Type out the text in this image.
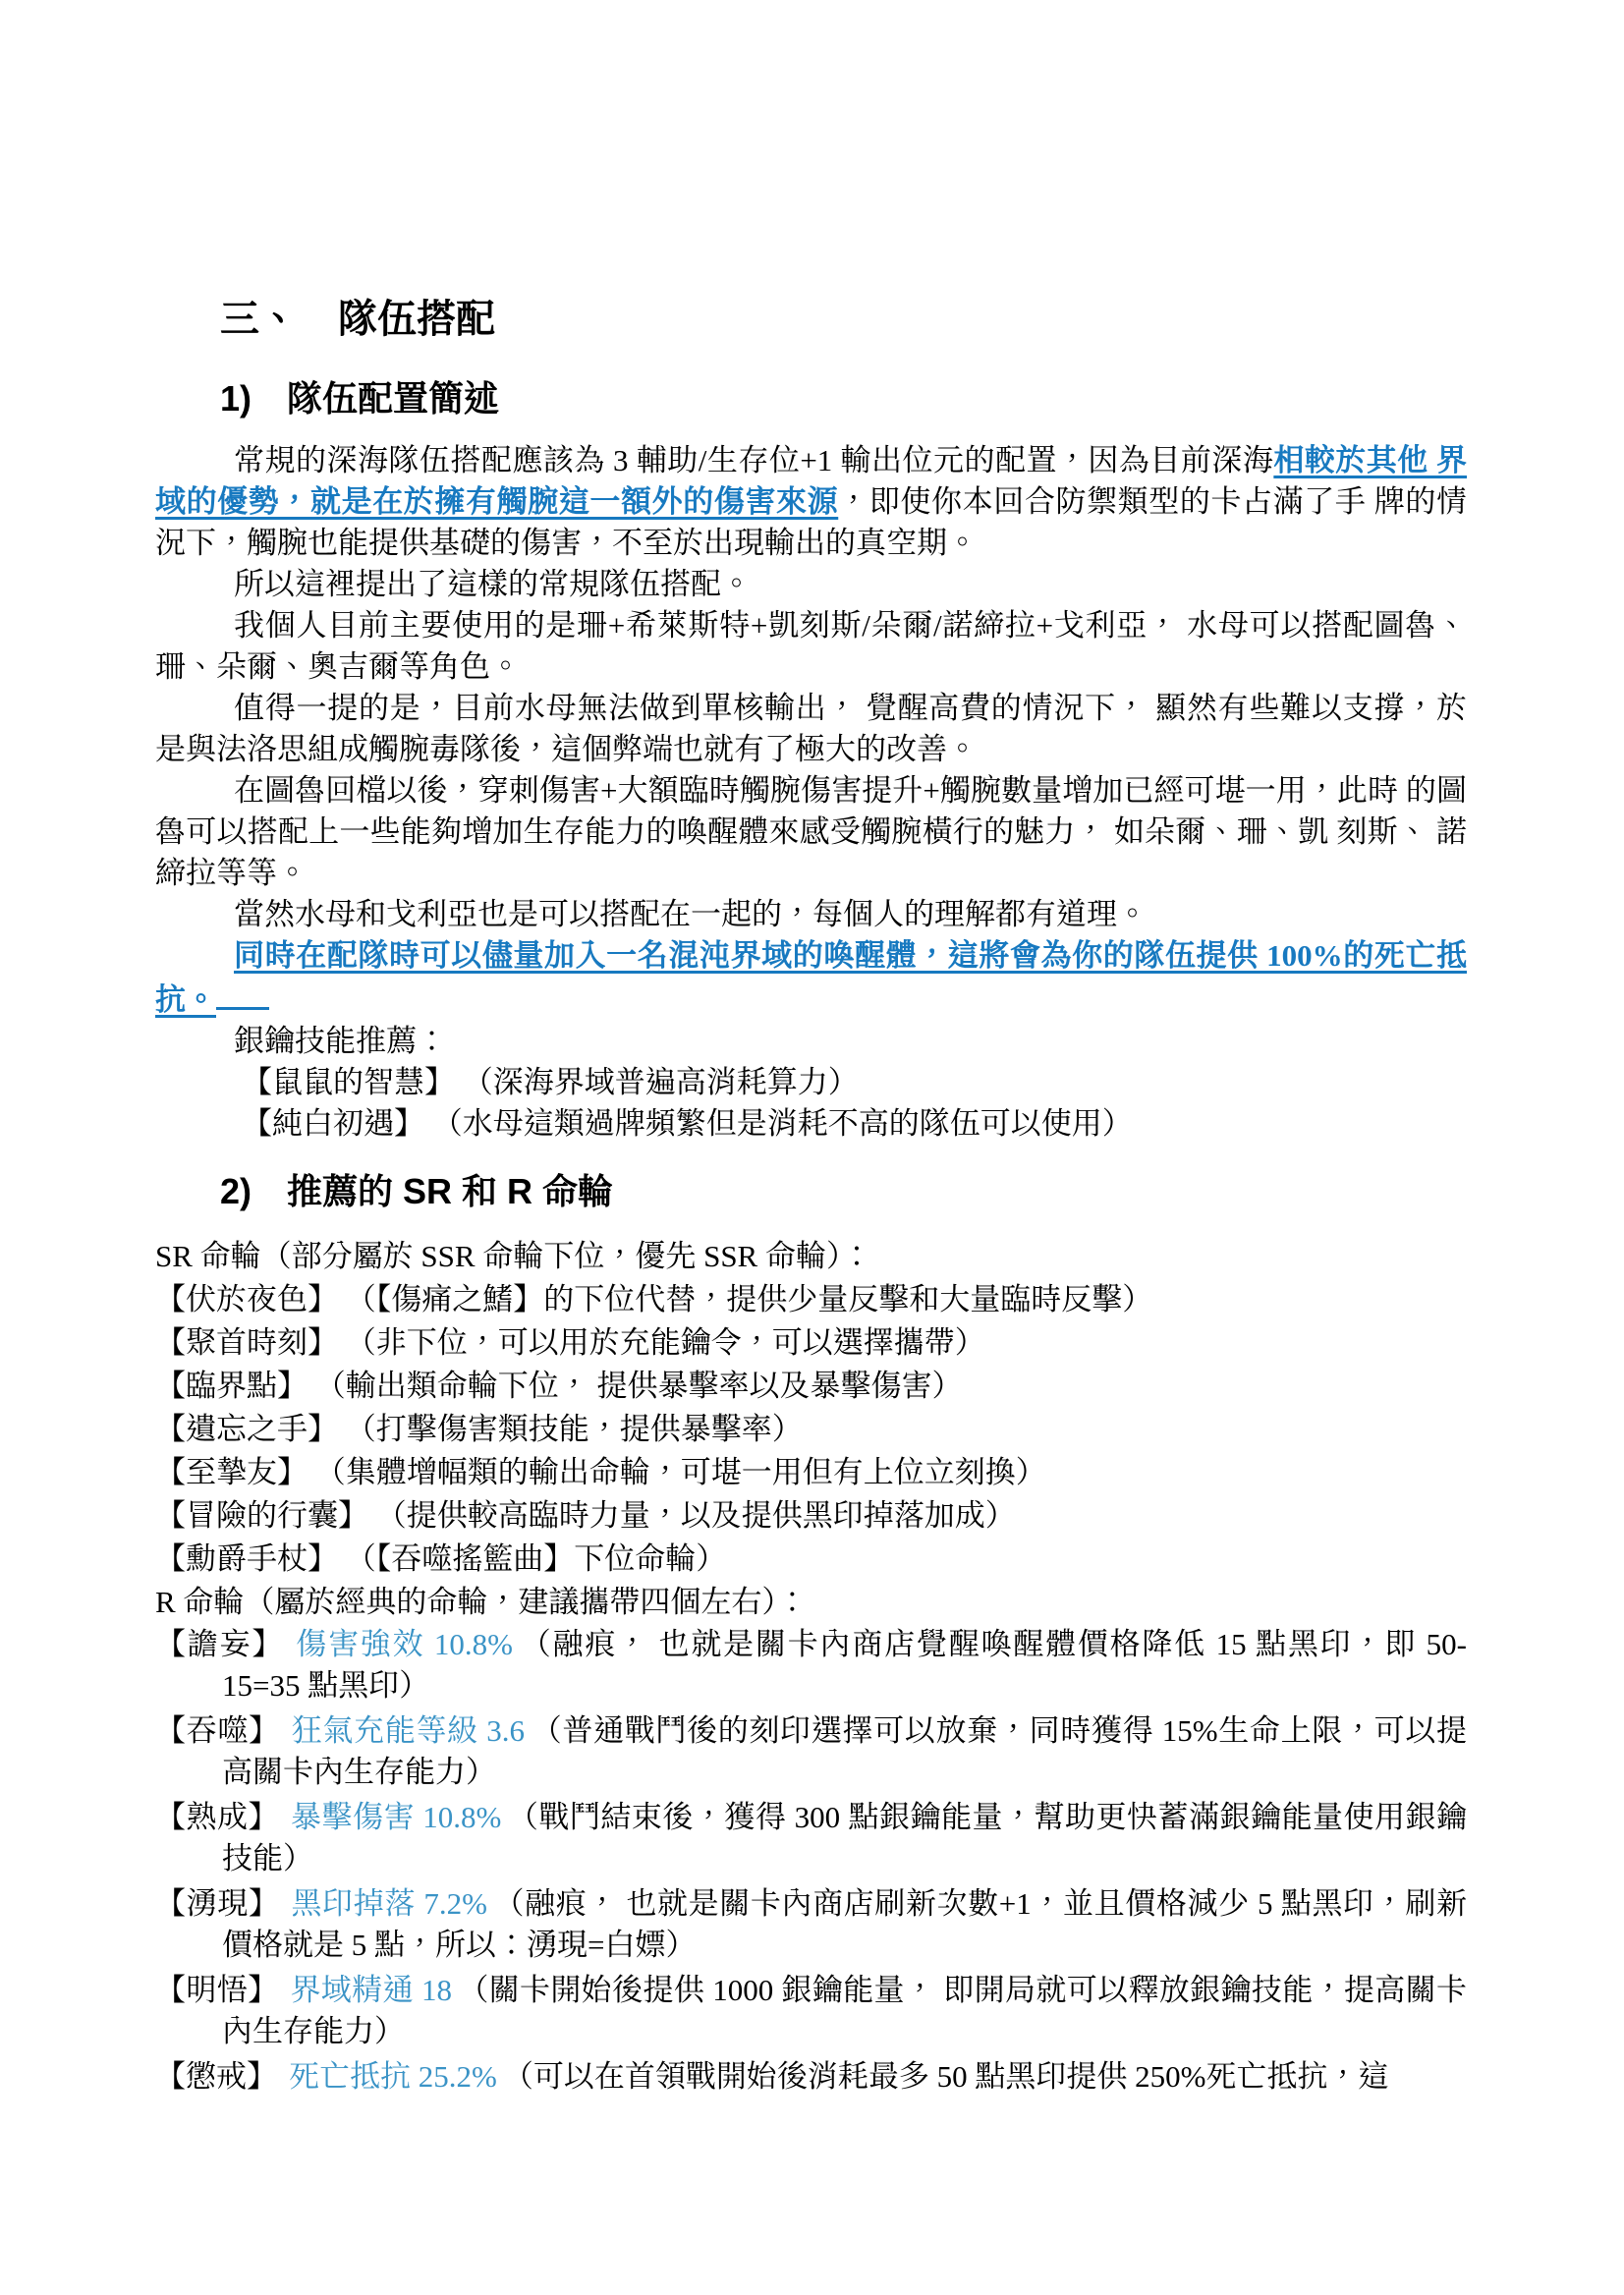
三、　隊伍搭配
1)　隊伍配置簡述

常規的深海隊伍搭配應該為 3 輔助/生存位+1 輸出位元的配置，因為目前深海相較於其他 界域的優勢，就是在於擁有觸腕這一額外的傷害來源，即使你本回合防禦類型的卡占滿了手 牌的情況下，觸腕也能提供基礎的傷害，不至於出現輸出的真空期。

所以這裡提出了這樣的常規隊伍搭配。

我個人目前主要使用的是珊+希萊斯特+凱刻斯/朵爾/諾締拉+戈利亞， 水母可以搭配圖魯、珊、朵爾、奧吉爾等角色。

值得一提的是，目前水母無法做到單核輸出， 覺醒高費的情況下， 顯然有些難以支撐，於是與法洛思組成觸腕毒隊後，這個弊端也就有了極大的改善。

在圖魯回檔以後，穿刺傷害+大額臨時觸腕傷害提升+觸腕數量增加已經可堪一用，此時 的圖魯可以搭配上一些能夠增加生存能力的喚醒體來感受觸腕橫行的魅力， 如朵爾、珊、凱 刻斯、 諾締拉等等。

當然水母和戈利亞也是可以搭配在一起的，每個人的理解都有道理。

同時在配隊時可以儘量加入一名混沌界域的喚醒體，這將會為你的隊伍提供 100%的死亡抵抗。

銀鑰技能推薦：

【鼠鼠的智慧】 （深海界域普遍高消耗算力）

【純白初遇】 （水母這類過牌頻繁但是消耗不高的隊伍可以使用）

2)　推薦的 SR 和 R 命輪

SR 命輪（部分屬於 SSR 命輪下位，優先 SSR 命輪）：

【伏於夜色】 （【傷痛之鰭】的下位代替，提供少量反擊和大量臨時反擊）

【聚首時刻】 （非下位，可以用於充能鑰令，可以選擇攜帶）

【臨界點】 （輸出類命輪下位， 提供暴擊率以及暴擊傷害）

【遺忘之手】 （打擊傷害類技能，提供暴擊率）

【至摯友】 （集體增幅類的輸出命輪，可堪一用但有上位立刻換）

【冒險的行囊】 （提供較高臨時力量，以及提供黑印掉落加成）

【勳爵手杖】 （【吞噬搖籃曲】下位命輪）

R 命輪（屬於經典的命輪，建議攜帶四個左右）：

【譫妄】 傷害強效 10.8% （融痕， 也就是關卡內商店覺醒喚醒體價格降低 15 點黑印，即 50-15=35 點黑印）

【吞噬】 狂氣充能等級 3.6 （普通戰鬥後的刻印選擇可以放棄，同時獲得 15%生命上限，可以提高關卡內生存能力）

【熟成】 暴擊傷害 10.8% （戰鬥結束後，獲得 300 點銀鑰能量，幫助更快蓄滿銀鑰能量使用銀鑰技能）

【湧現】 黑印掉落 7.2% （融痕， 也就是關卡內商店刷新次數+1，並且價格減少 5 點黑印，刷新價格就是 5 點，所以：湧現=白嫖）

【明悟】 界域精通 18 （關卡開始後提供 1000 銀鑰能量， 即開局就可以釋放銀鑰技能，提高關卡內生存能力）

【懲戒】 死亡抵抗 25.2% （可以在首領戰開始後消耗最多 50 點黑印提供 250%死亡抵抗，這
